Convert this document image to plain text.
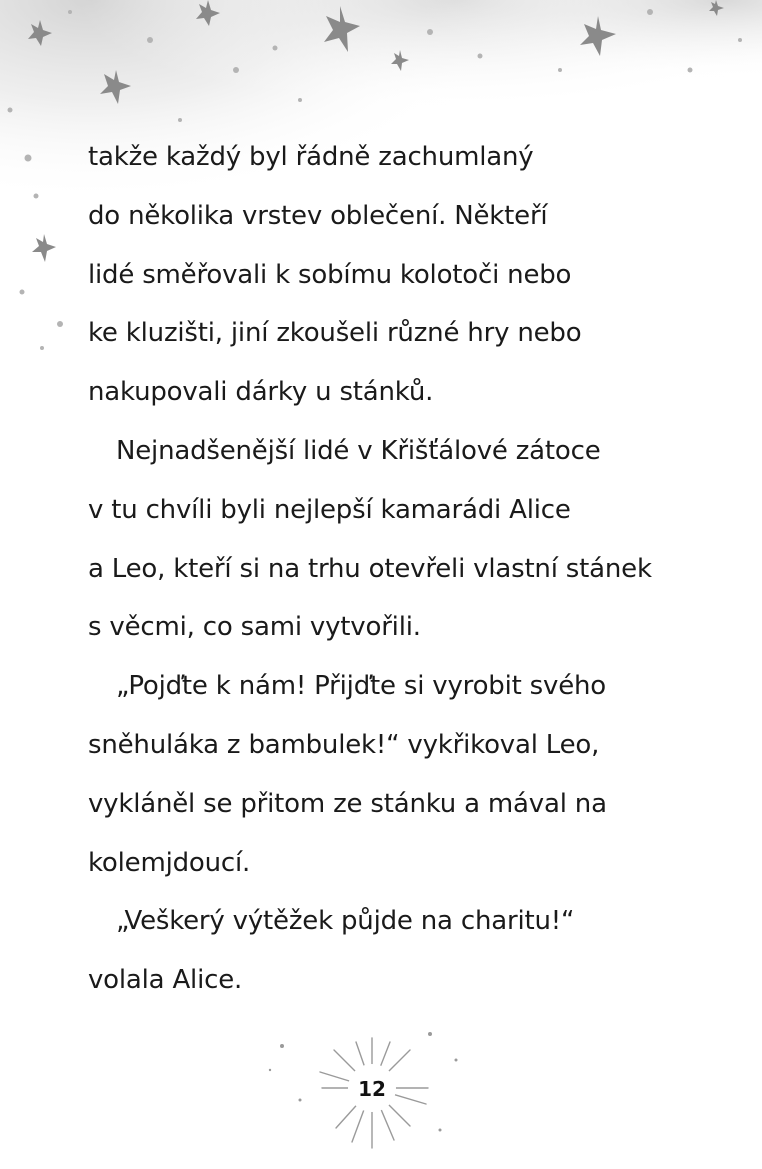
takže každý byl řádně zachumlaný
do několika vrstev oblečení. Někteří
lidé směřovali k sobímu kolotoči nebo
ke kluzišti, jiní zkoušeli různé hry nebo
nakupovali dárky u stánků.
Nejnadšenější lidé v Křišťálové zátoce
v tu chvíli byli nejlepší kamarádi Alice
a Leo, kteří si na trhu otevřeli vlastní stánek
s věcmi, co sami vytvořili.
„Pojďte k nám! Přijďte si vyrobit svého
sněhuláka z bambulek!“ vykřikoval Leo,
vykláněl se přitom ze stánku a mával na
kolemjdoucí.
„Veškerý výtěžek půjde na charitu!“
volala Alice.
12
